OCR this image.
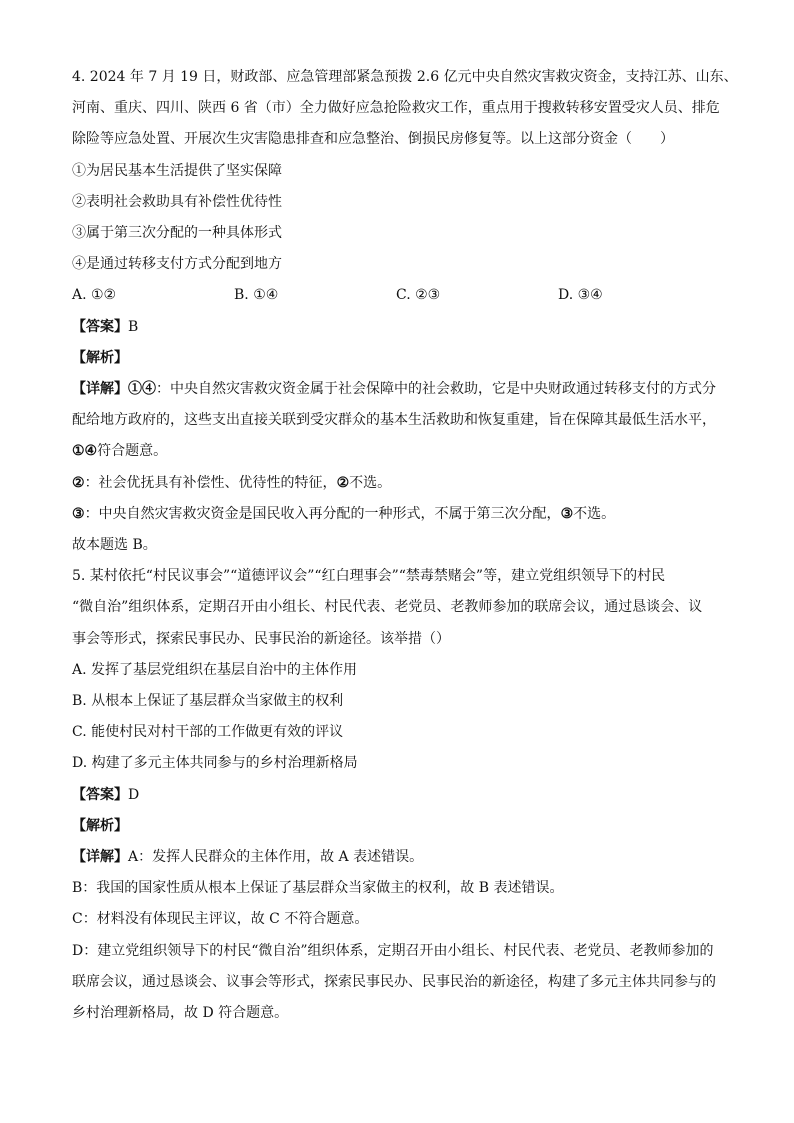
4. 2024 年 7 月 19 日，财政部、应急管理部紧急预拨 2.6 亿元中央自然灾害救灾资金，支持江苏、山东、
河南、重庆、四川、陕西 6 省（市）全力做好应急抢险救灾工作，重点用于搜救转移安置受灾人员、排危
除险等应急处置、开展次生灾害隐患排查和应急整治、倒损民房修复等。以上这部分资金（　　）
①为居民基本生活提供了坚实保障
②表明社会救助具有补偿性优待性
③属于第三次分配的一种具体形式
④是通过转移支付方式分配到地方
A. ①②	B. ①④	C. ②③	D. ③④
【答案】B
【解析】
【详解】①④：中央自然灾害救灾资金属于社会保障中的社会救助，它是中央财政通过转移支付的方式分
配给地方政府的，这些支出直接关联到受灾群众的基本生活救助和恢复重建，旨在保障其最低生活水平，
①④符合题意。
②：社会优抚具有补偿性、优待性的特征，②不选。
③：中央自然灾害救灾资金是国民收入再分配的一种形式，不属于第三次分配，③不选。
故本题选 B。
5. 某村依托“村民议事会”“道德评议会”“红白理事会”“禁毒禁赌会”等，建立党组织领导下的村民
“微自治”组织体系，定期召开由小组长、村民代表、老党员、老教师参加的联席会议，通过恳谈会、议
事会等形式，探索民事民办、民事民治的新途径。该举措（）
A. 发挥了基层党组织在基层自治中的主体作用
B. 从根本上保证了基层群众当家做主的权利
C. 能使村民对村干部的工作做更有效的评议
D. 构建了多元主体共同参与的乡村治理新格局
【答案】D
【解析】
【详解】A：发挥人民群众的主体作用，故 A 表述错误。
B：我国的国家性质从根本上保证了基层群众当家做主的权利，故 B 表述错误。
C：材料没有体现民主评议，故 C 不符合题意。
D：建立党组织领导下的村民“微自治”组织体系，定期召开由小组长、村民代表、老党员、老教师参加的
联席会议，通过恳谈会、议事会等形式，探索民事民办、民事民治的新途径，构建了多元主体共同参与的
乡村治理新格局，故 D 符合题意。
